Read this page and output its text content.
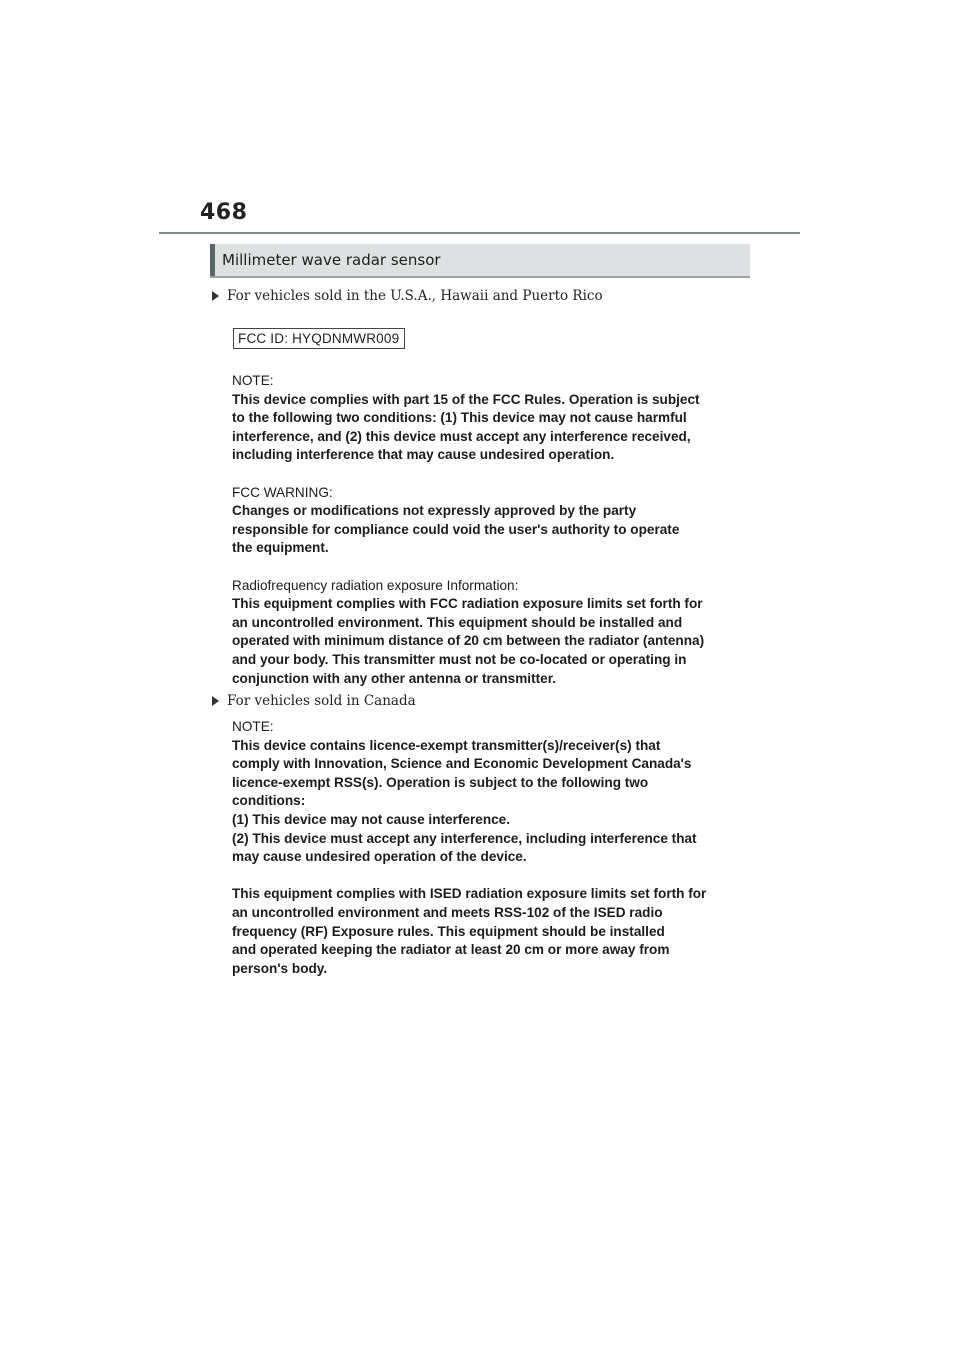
468
Millimeter wave radar sensor
For vehicles sold in the U.S.A., Hawaii and Puerto Rico
FCC ID: HYQDNMWR009
NOTE:
This device complies with part 15 of the FCC Rules. Operation is subject
to the following two conditions: (1) This device may not cause harmful
interference, and (2) this device must accept any interference received,
including interference that may cause undesired operation.
FCC WARNING:
Changes or modifications not expressly approved by the party
responsible for compliance could void the user's authority to operate
the equipment.
Radiofrequency radiation exposure Information:
This equipment complies with FCC radiation exposure limits set forth for
an uncontrolled environment. This equipment should be installed and
operated with minimum distance of 20 cm between the radiator (antenna)
and your body. This transmitter must not be co-located or operating in
conjunction with any other antenna or transmitter.
For vehicles sold in Canada
NOTE:
This device contains licence-exempt transmitter(s)/receiver(s) that
comply with Innovation, Science and Economic Development Canada's
licence-exempt RSS(s). Operation is subject to the following two
conditions:
(1) This device may not cause interference.
(2) This device must accept any interference, including interference that
may cause undesired operation of the device.
This equipment complies with ISED radiation exposure limits set forth for
an uncontrolled environment and meets RSS-102 of the ISED radio
frequency (RF) Exposure rules. This equipment should be installed
and operated keeping the radiator at least 20 cm or more away from
person's body.
